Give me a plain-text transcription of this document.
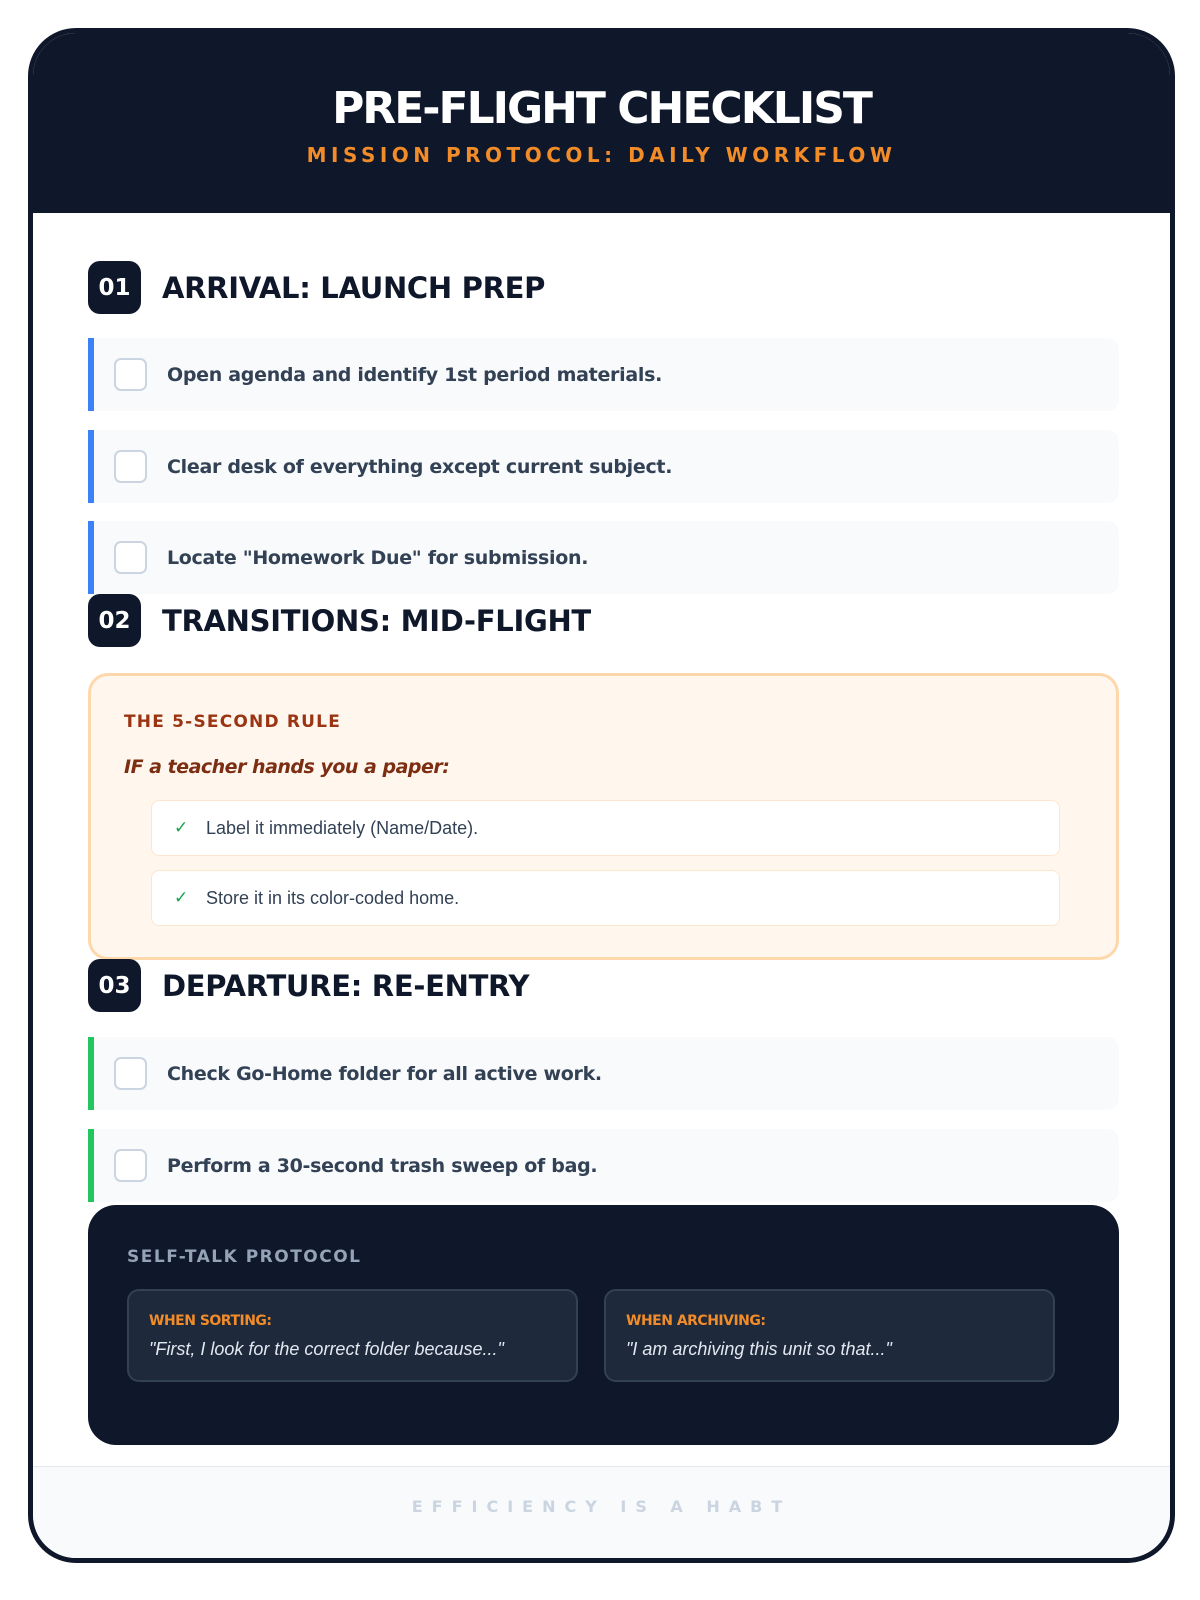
PRE-FLIGHT CHECKLIST
MISSION PROTOCOL: DAILY WORKFLOW
01	ARRIVAL: LAUNCH PREP
Open agenda and identify 1st period materials.
Clear desk of everything except current subject.
Locate "Homework Due" for submission.
02	TRANSITIONS: MID-FLIGHT
THE 5-SECOND RULE
IF a teacher hands you a paper:
✓ Label it immediately (Name/Date).
✓ Store it in its color-coded home.
03	DEPARTURE: RE-ENTRY
Check Go-Home folder for all active work.
Perform a 30-second trash sweep of bag.
SELF-TALK PROTOCOL
WHEN SORTING:
"First, I look for the correct folder because..."
WHEN ARCHIVING:
"I am archiving this unit so that..."
EFFICIENCY IS A HABT
